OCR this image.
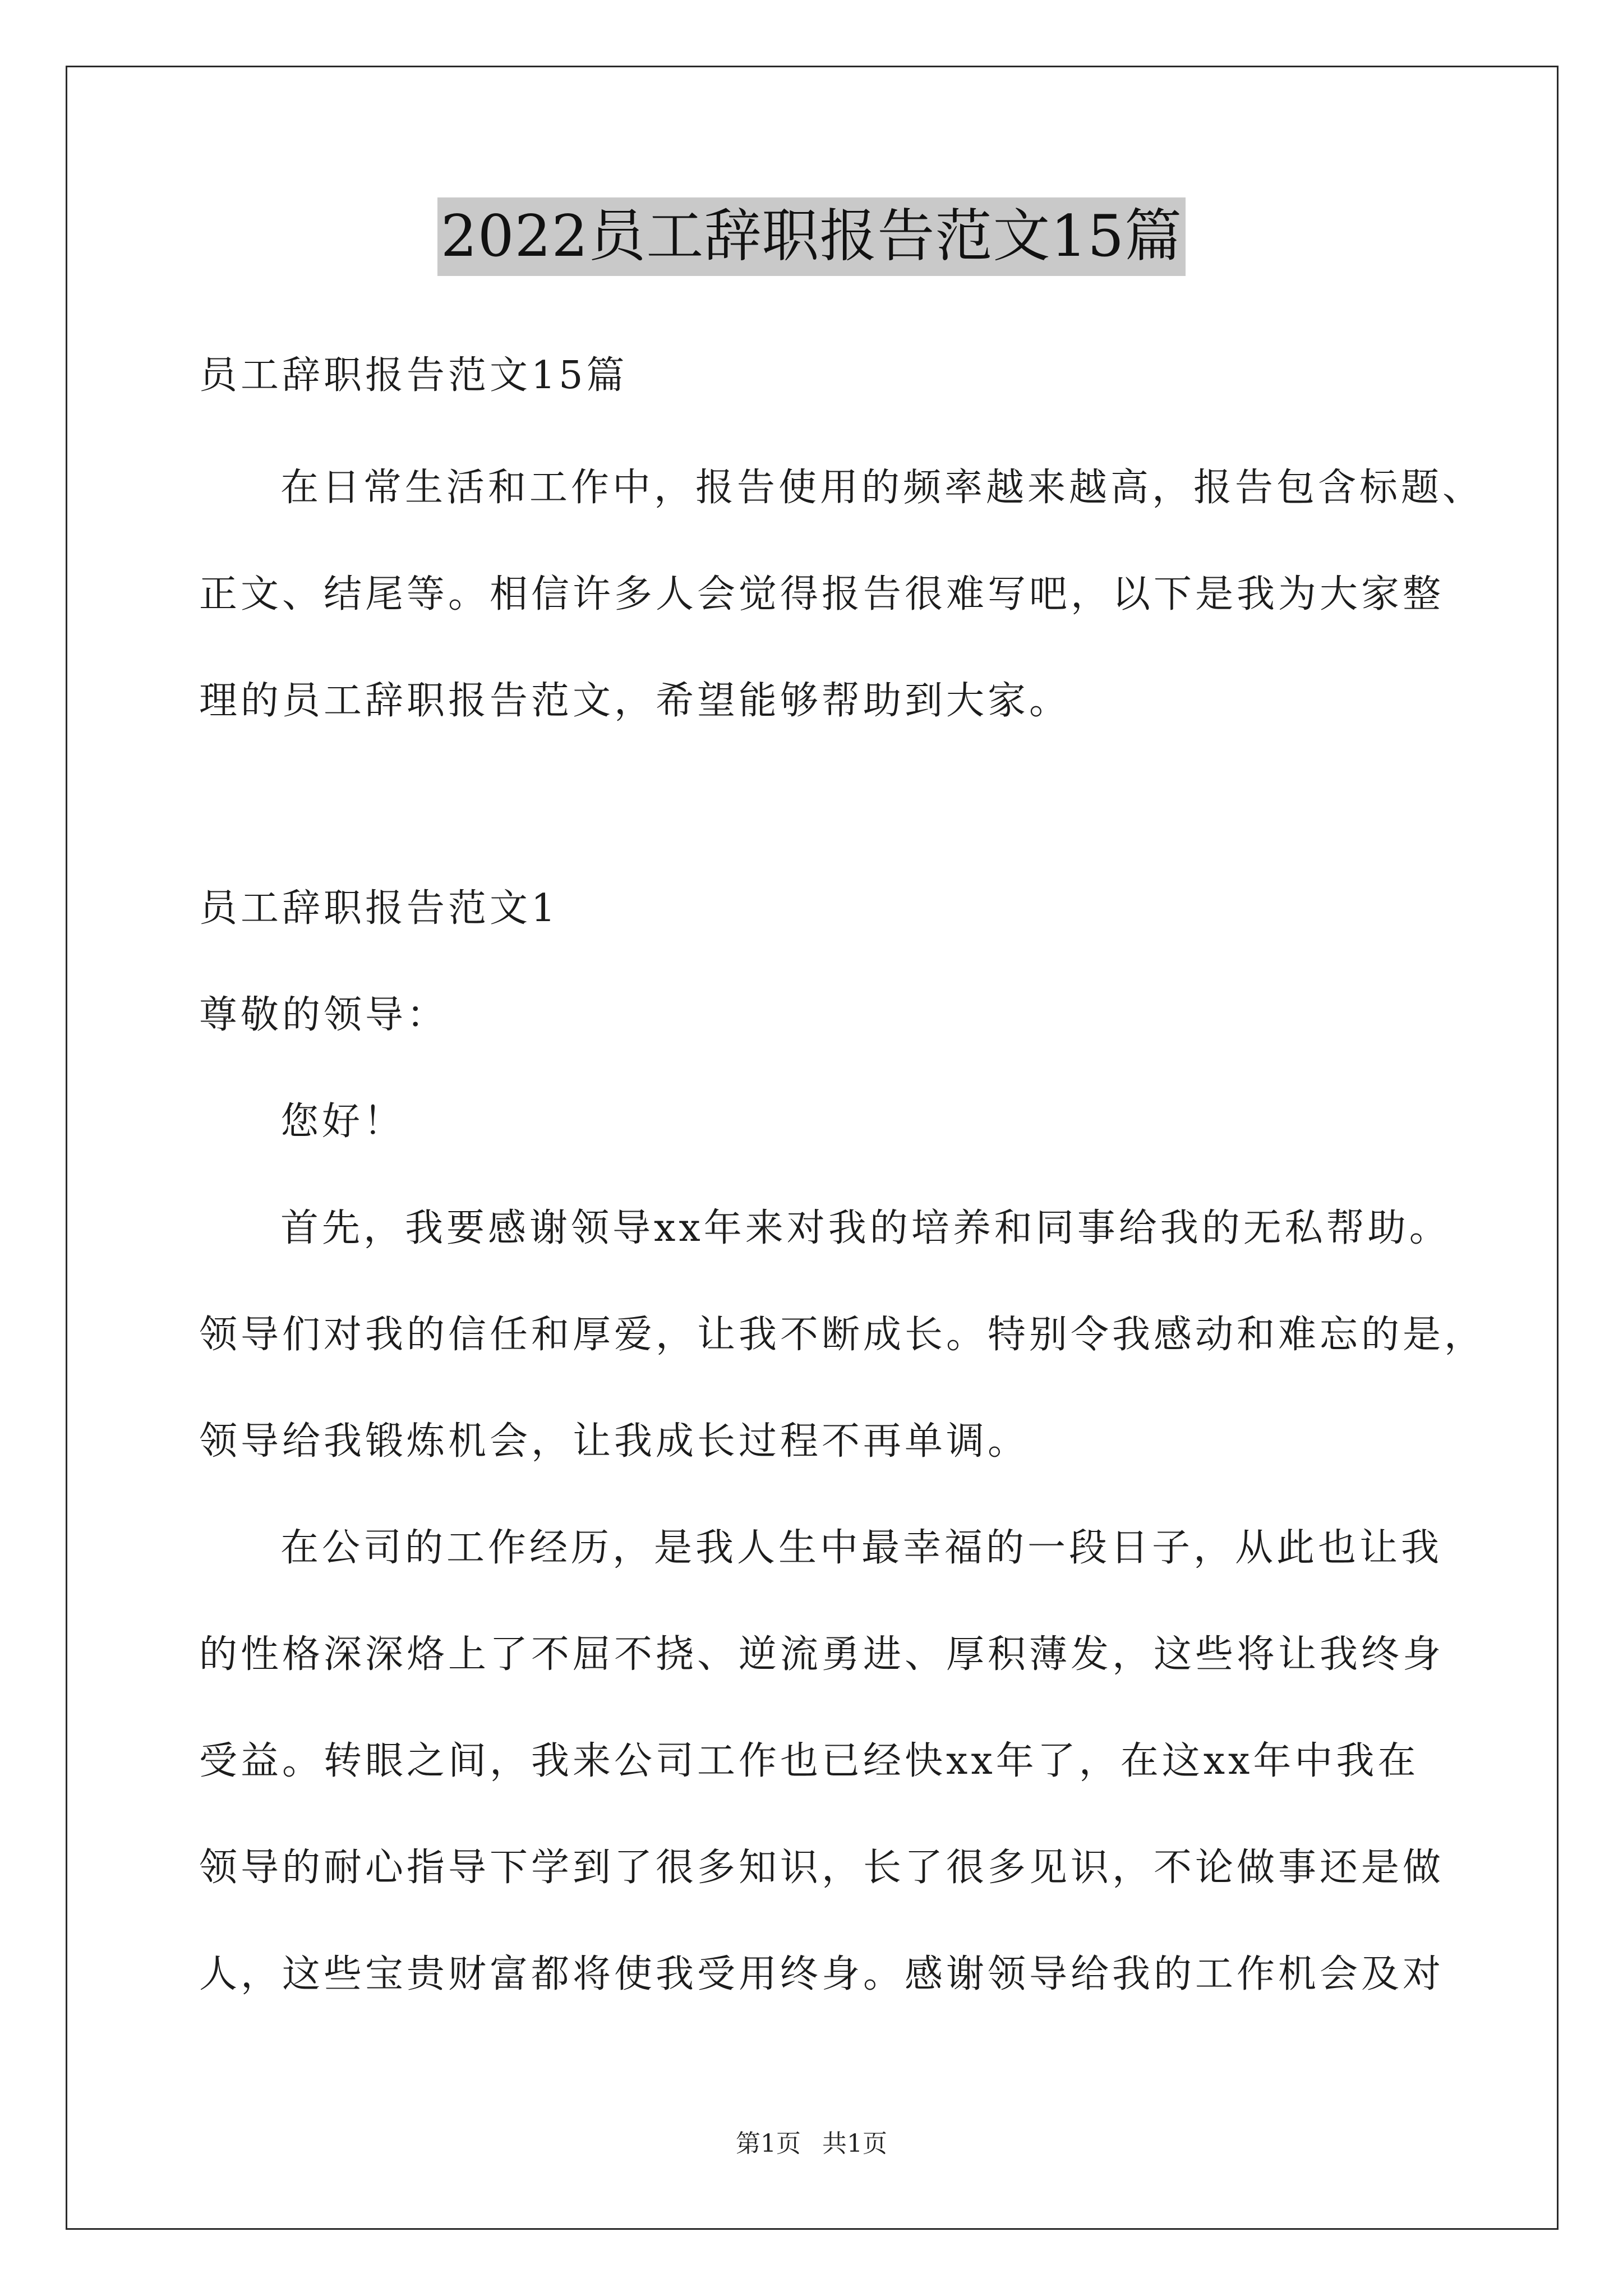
2022员工辞职报告范文15篇
员工辞职报告范文15篇
在日常生活和工作中，报告使用的频率越来越高，报告包含标题、
正文、结尾等。相信许多人会觉得报告很难写吧，以下是我为大家整
理的员工辞职报告范文，希望能够帮助到大家。
员工辞职报告范文1
尊敬的领导：
您好！
首先，我要感谢领导xx年来对我的培养和同事给我的无私帮助。
领导们对我的信任和厚爱，让我不断成长。特别令我感动和难忘的是，
领导给我锻炼机会，让我成长过程不再单调。
在公司的工作经历，是我人生中最幸福的一段日子，从此也让我
的性格深深烙上了不屈不挠、逆流勇进、厚积薄发，这些将让我终身
受益。转眼之间，我来公司工作也已经快xx年了，在这xx年中我在
领导的耐心指导下学到了很多知识，长了很多见识，不论做事还是做
人，这些宝贵财富都将使我受用终身。感谢领导给我的工作机会及对
第1页 共1页
